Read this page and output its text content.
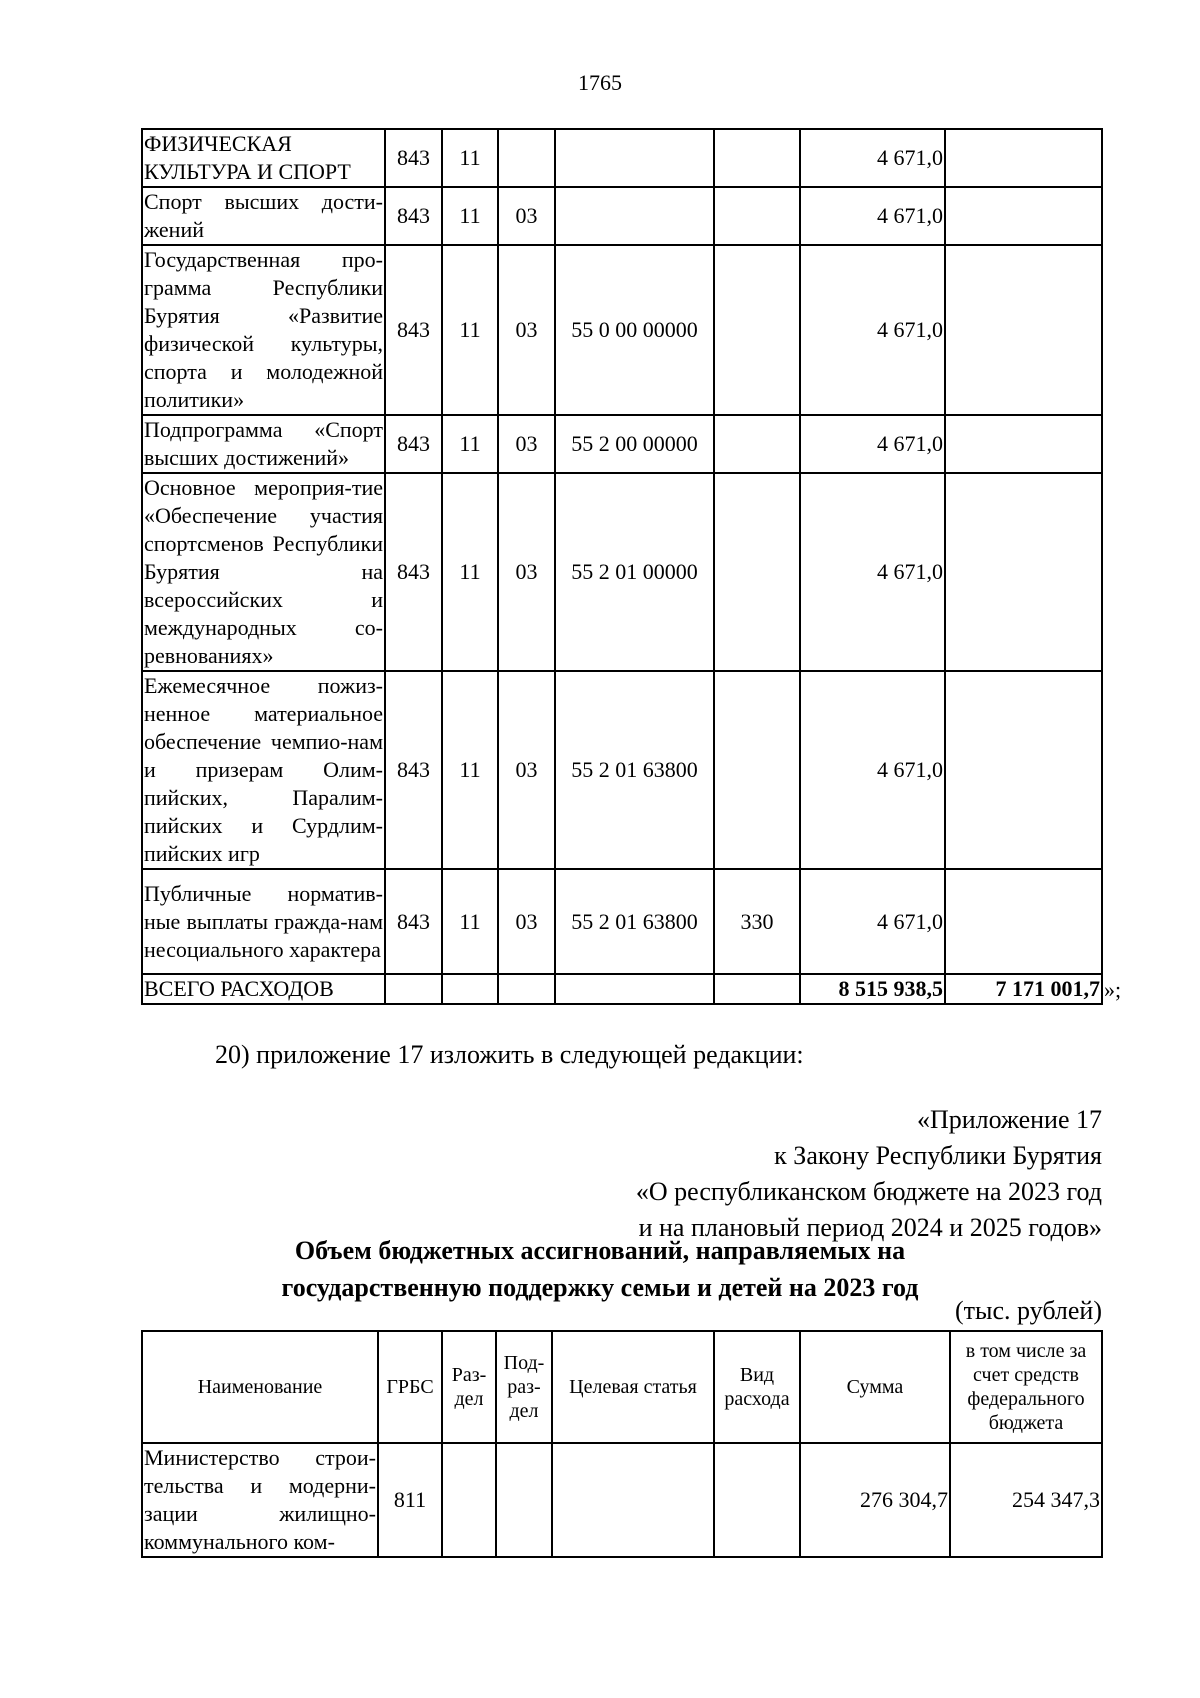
1765
ФИЗИЧЕСКАЯ КУЛЬТУРА И СПОРТ	843	11				4 671,0	
Спорт высших дости-жений	843	11	03			4 671,0	
Государственная про-грамма Республики Бурятия «Развитие физической культуры, спорта и молодежной политики»	843	11	03	55 0 00 00000		4 671,0	
Подпрограмма «Спорт высших достижений»	843	11	03	55 2 00 00000		4 671,0	
Основное мероприя-тие «Обеспечение участия спортсменов Республики Бурятия на всероссийских и международных со-ревнованиях»	843	11	03	55 2 01 00000		4 671,0	
Ежемесячное пожиз-ненное материальное обеспечение чемпио-нам и призерам Олим-пийских, Паралим-пийских и Сурдлим-пийских игр	843	11	03	55 2 01 63800		4 671,0	
Публичные норматив-ные выплаты гражда-нам несоциального характера	843	11	03	55 2 01 63800	330	4 671,0	
ВСЕГО РАСХОДОВ						8 515 938,5	7 171 001,7 »;
20) приложение 17 изложить в следующей редакции:
«Приложение 17
к Закону Республики Бурятия
«О республиканском бюджете на 2023 год
и на плановый период 2024 и 2025 годов»
Объем бюджетных ассигнований, направляемых на
государственную поддержку семьи и детей на 2023 год
(тыс. рублей)
Наименование	ГРБС	Раз-дел	Под-раз-дел	Целевая статья	Вид расхода	Сумма	в том числе за счет средств федерального бюджета
Министерство строи-тельства и модерни-зации жилищно-коммунального ком-	811					276 304,7	254 347,3
